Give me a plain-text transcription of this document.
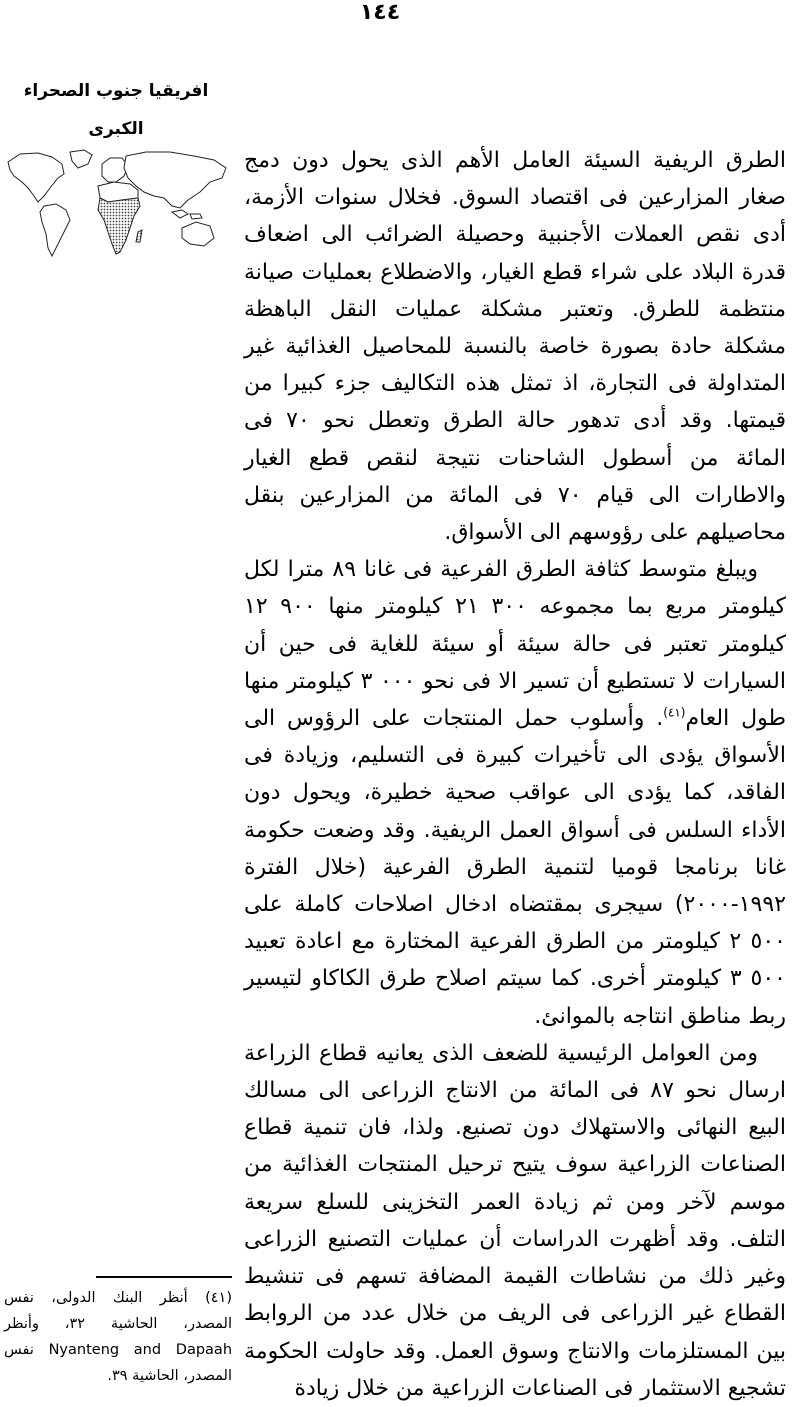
١٤٤
افريقيا جنوب الصحراء الكبرى

الطرق الريفية السيئة العامل الأهم الذى يحول دون دمج صغار المزارعين فى اقتصاد السوق. فخلال سنوات الأزمة، أدى نقص العملات الأجنبية وحصيلة الضرائب الى اضعاف قدرة البلاد على شراء قطع الغيار، والاضطلاع بعمليات صيانة منتظمة للطرق. وتعتبر مشكلة عمليات النقل الباهظة مشكلة حادة بصورة خاصة بالنسبة للمحاصيل الغذائية غير المتداولة فى التجارة، اذ تمثل هذه التكاليف جزء كبيرا من قيمتها. وقد أدى تدهور حالة الطرق وتعطل نحو ٧٠ فى المائة من أسطول الشاحنات نتيجة لنقص قطع الغيار والاطارات الى قيام ٧٠ فى المائة من المزارعين بنقل محاصيلهم على رؤوسهم الى الأسواق.

ويبلغ متوسط كثافة الطرق الفرعية فى غانا ٨٩ مترا لكل كيلومتر مربع بما مجموعه ٣٠٠ ٢١ كيلومتر منها ٩٠٠ ١٢ كيلومتر تعتبر فى حالة سيئة أو سيئة للغاية فى حين أن السيارات لا تستطيع أن تسير الا فى نحو ٠٠٠ ٣ كيلومتر منها طول العام$^{(٤١)}$. وأسلوب حمل المنتجات على الرؤوس الى الأسواق يؤدى الى تأخيرات كبيرة فى التسليم، وزيادة فى الفاقد، كما يؤدى الى عواقب صحية خطيرة، ويحول دون الأداء السلس فى أسواق العمل الريفية. وقد وضعت حكومة غانا برنامجا قوميا لتنمية الطرق الفرعية (خلال الفترة ١٩٩٢-٢٠٠٠) سيجرى بمقتضاه ادخال اصلاحات كاملة على ٥٠٠ ٢ كيلومتر من الطرق الفرعية المختارة مع اعادة تعبيد ٥٠٠ ٣ كيلومتر أخرى. كما سيتم اصلاح طرق الكاكاو لتيسير ربط مناطق انتاجه بالموانئ.

ومن العوامل الرئيسية للضعف الذى يعانيه قطاع الزراعة ارسال نحو ٨٧ فى المائة من الانتاج الزراعى الى مسالك البيع النهائى والاستهلاك دون تصنيع. ولذا، فان تنمية قطاع الصناعات الزراعية سوف يتيح ترحيل المنتجات الغذائية من موسم لآخر ومن ثم زيادة العمر التخزينى للسلع سريعة التلف. وقد أظهرت الدراسات أن عمليات التصنيع الزراعى وغير ذلك من نشاطات القيمة المضافة تسهم فى تنشيط القطاع غير الزراعى فى الريف من خلال عدد من الروابط بين المستلزمات والانتاج وسوق العمل. وقد حاولت الحكومة تشجيع الاستثمار فى الصناعات الزراعية من خلال زيادة

(٤١) أنظر البنك الدولى، نفس المصدر، الحاشية ٣٢، وأنظر Nyanteng and Dapaah نفس المصدر، الحاشية ٣٩.
